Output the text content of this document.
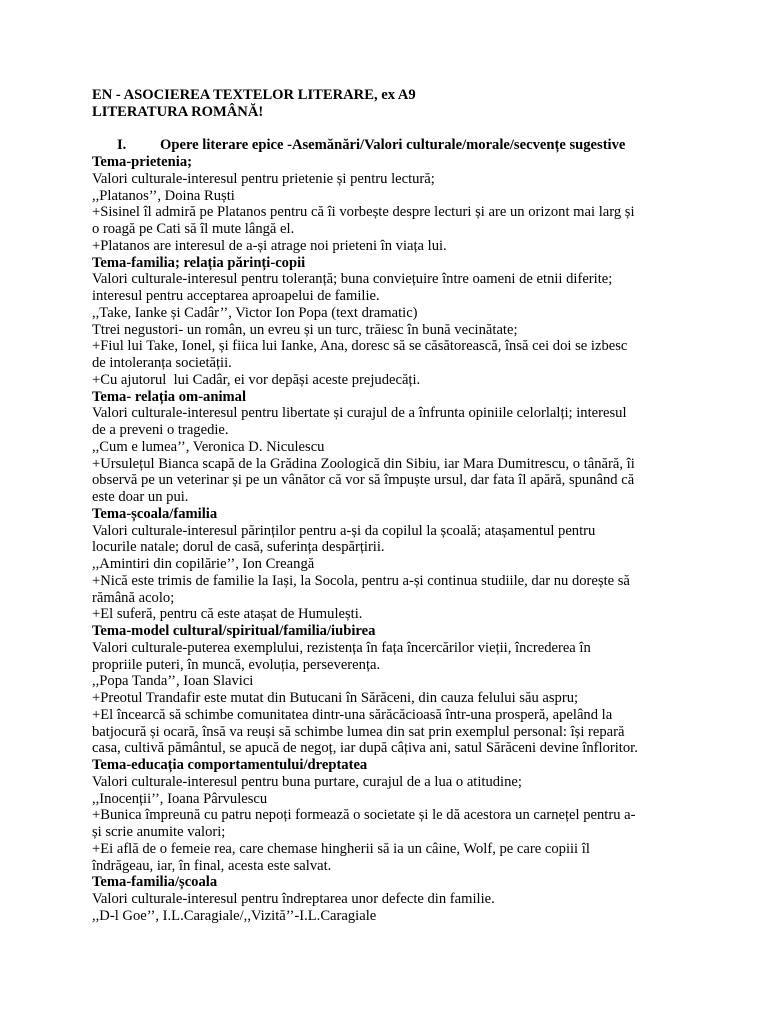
EN - ASOCIEREA TEXTELOR LITERARE, ex A9
LITERATURA ROMÂNĂ!
I.	Opere literare epice -Asemănări/Valori culturale/morale/secvențe sugestive
Tema-prietenia;
Valori culturale-interesul pentru prietenie și pentru lectură;
,,Platanos’’, Doina Ruști
+Sisinel îl admiră pe Platanos pentru că îi vorbește despre lecturi și are un orizont mai larg și
o roagă pe Cati să îl mute lângă el.
+Platanos are interesul de a-și atrage noi prieteni în viața lui.
Tema-familia; relația părinți-copii
Valori culturale-interesul pentru toleranță; buna conviețuire între oameni de etnii diferite;
interesul pentru acceptarea aproapelui de familie.
,,Take, Ianke și Cadâr’’, Victor Ion Popa (text dramatic)
Ttrei negustori- un român, un evreu și un turc, trăiesc în bună vecinătate;
+Fiul lui Take, Ionel, și fiica lui Ianke, Ana, doresc să se căsătorească, însă cei doi se izbesc
de intoleranța societății.
+Cu ajutorul  lui Cadâr, ei vor depăși aceste prejudecăți.
Tema- relația om-animal
Valori culturale-interesul pentru libertate și curajul de a înfrunta opiniile celorlalți; interesul
de a preveni o tragedie.
,,Cum e lumea’’, Veronica D. Niculescu
+Ursulețul Bianca scapă de la Grădina Zoologică din Sibiu, iar Mara Dumitrescu, o tânără, îi
observă pe un veterinar și pe un vânător că vor să împuște ursul, dar fata îl apără, spunând că
este doar un pui.
Tema-școala/familia
Valori culturale-interesul părinților pentru a-și da copilul la școală; atașamentul pentru
locurile natale; dorul de casă, suferința despărțirii.
,,Amintiri din copilărie’’, Ion Creangă
+Nică este trimis de familie la Iași, la Socola, pentru a-și continua studiile, dar nu dorește să
rămână acolo;
+El suferă, pentru că este atașat de Humulești.
Tema-model cultural/spiritual/familia/iubirea
Valori culturale-puterea exemplului, rezistența în fața încercărilor vieții, încrederea în
propriile puteri, în muncă, evoluția, perseverența.
,,Popa Tanda’’, Ioan Slavici
+Preotul Trandafir este mutat din Butucani în Sărăceni, din cauza felului său aspru;
+El încearcă să schimbe comunitatea dintr-una sărăcăcioasă într-una prosperă, apelând la
batjocură și ocară, însă va reuși să schimbe lumea din sat prin exemplul personal: își repară
casa, cultivă pământul, se apucă de negoț, iar după câțiva ani, satul Sărăceni devine înfloritor.
Tema-educația comportamentului/dreptatea
Valori culturale-interesul pentru buna purtare, curajul de a lua o atitudine;
,,Inocenții’’, Ioana Pârvulescu
+Bunica împreună cu patru nepoți formează o societate și le dă acestora un carnețel pentru a-
și scrie anumite valori;
+Ei află de o femeie rea, care chemase hingherii să ia un câine, Wolf, pe care copiii îl
îndrăgeau, iar, în final, acesta este salvat.
Tema-familia/școala
Valori culturale-interesul pentru îndreptarea unor defecte din familie.
,,D-l Goe’’, I.L.Caragiale/,,Vizită’’-I.L.Caragiale
